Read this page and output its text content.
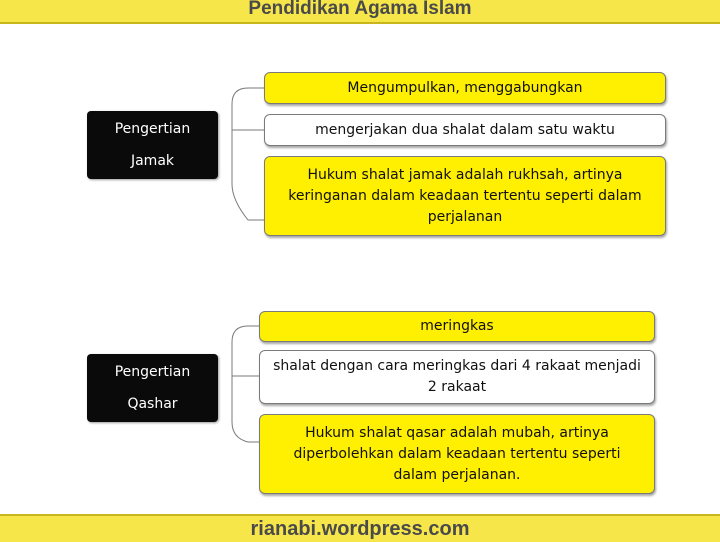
Pendidikan Agama Islam
Pengertian
Jamak
Mengumpulkan, menggabungkan
mengerjakan dua shalat dalam satu waktu
Hukum shalat jamak adalah rukhsah, artinya keringanan dalam keadaan tertentu seperti dalam perjalanan
Pengertian
Qashar
meringkas
shalat dengan cara meringkas dari 4 rakaat menjadi 2 rakaat
Hukum shalat qasar adalah mubah, artinya diperbolehkan dalam keadaan tertentu seperti dalam perjalanan.
rianabi.wordpress.com
